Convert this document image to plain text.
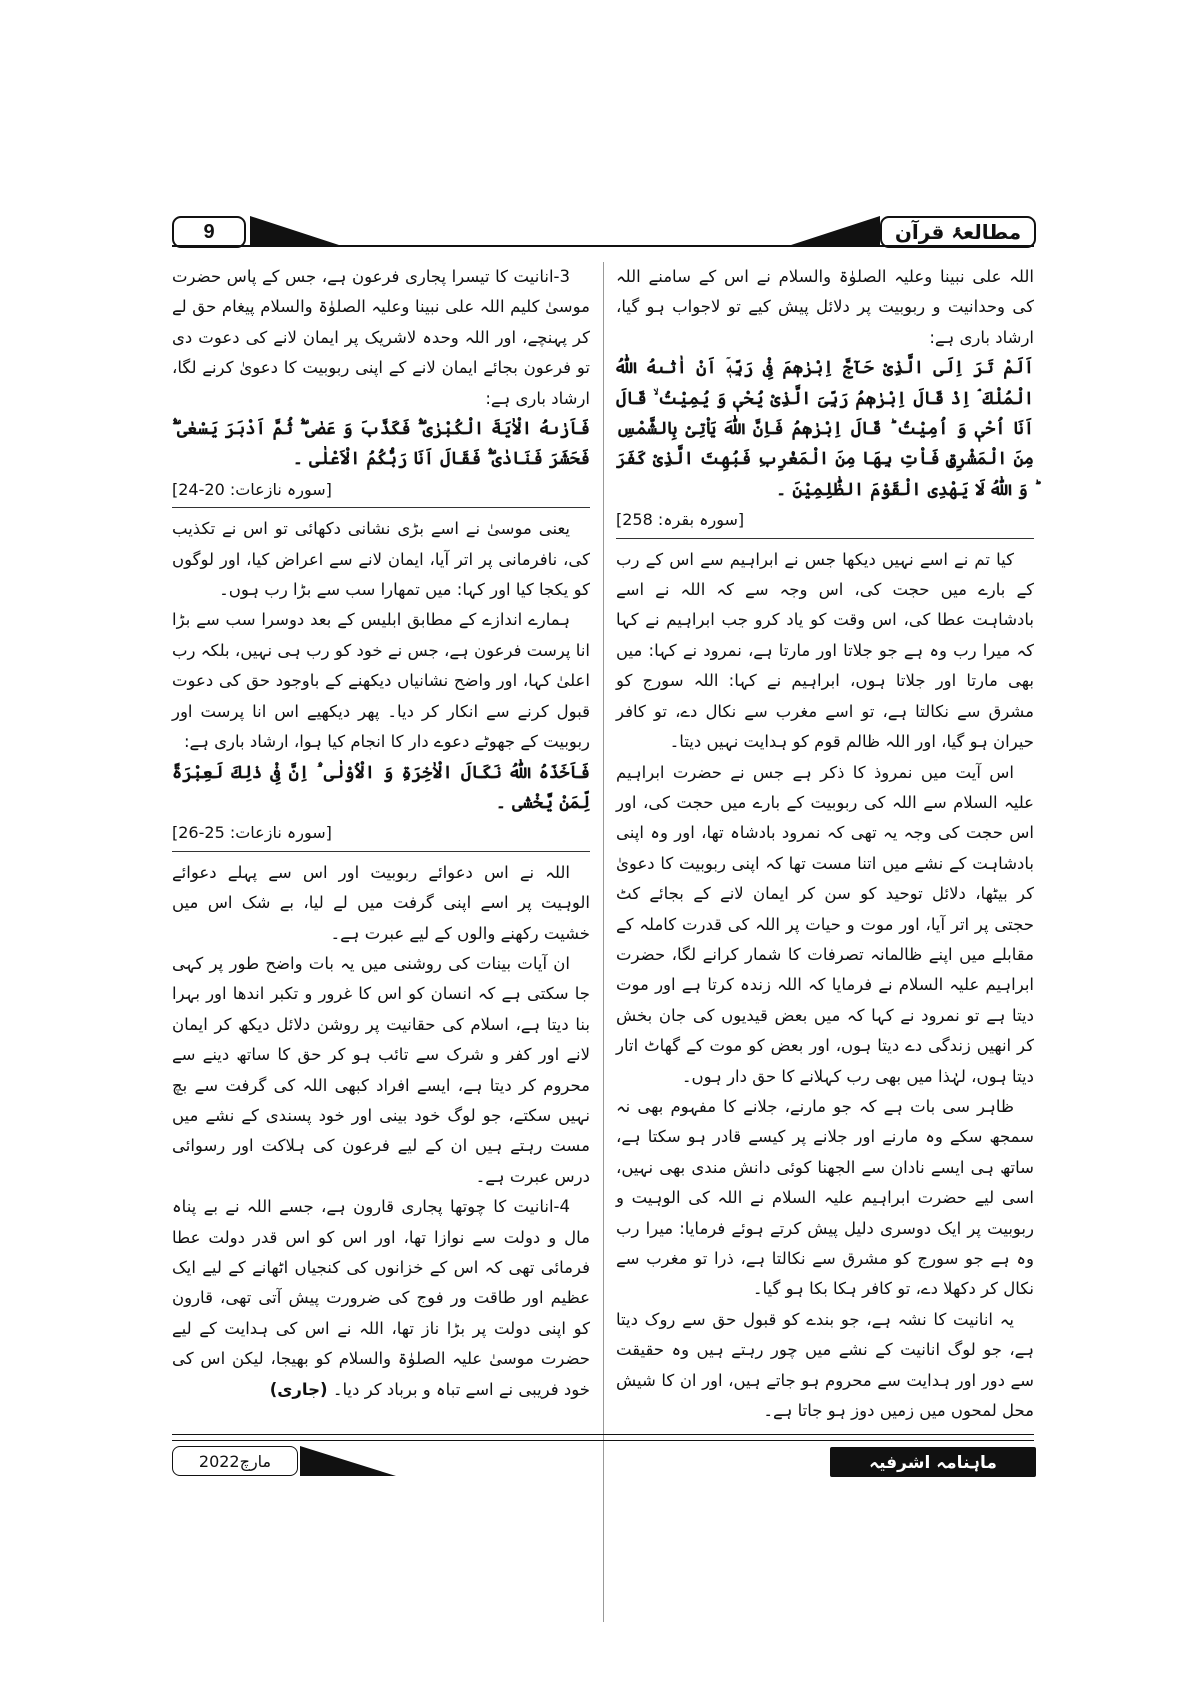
9	مطالعۂ قرآن

اللہ علی نبینا وعلیہ الصلوٰۃ والسلام نے اس کے سامنے اللہ کی وحدانیت و ربوبیت پر دلائل پیش کیے تو لاجواب ہو گیا، ارشاد باری ہے:

اَلَمْ تَرَ اِلَى الَّذِیْ حَآجَّ اِبْرٰهٖمَ فِیْ رَبِّهٖۤ اَنْ اٰتٰىهُ اللّٰهُ الْمُلْكَ ۘ اِذْ قَالَ اِبْرٰهٖمُ رَبِّیَ الَّذِیْ یُحْیٖ وَ یُمِیْتُ ۙ قَالَ اَنَا اُحْیٖ وَ اُمِیْتُ ؕ قَالَ اِبْرٰهٖمُ فَاِنَّ اللّٰهَ یَاْتِیْ بِالشَّمْسِ مِنَ الْمَشْرِقِ فَاْتِ بِهَا مِنَ الْمَغْرِبِ فَبُهِتَ الَّذِیْ كَفَرَ ؕ وَ اللّٰهُ لَا یَهْدِی الْقَوْمَ الظّٰلِمِیْنَ ۔

[سورہ بقرہ: 258]

کیا تم نے اسے نہیں دیکھا جس نے ابراہیم سے اس کے رب کے بارے میں حجت کی، اس وجہ سے کہ اللہ نے اسے بادشاہت عطا کی، اس وقت کو یاد کرو جب ابراہیم نے کہا کہ میرا رب وہ ہے جو جلاتا اور مارتا ہے، نمرود نے کہا: میں بھی مارتا اور جلاتا ہوں، ابراہیم نے کہا: اللہ سورج کو مشرق سے نکالتا ہے، تو اسے مغرب سے نکال دے، تو کافر حیران ہو گیا، اور اللہ ظالم قوم کو ہدایت نہیں دیتا۔

اس آیت میں نمروذ کا ذکر ہے جس نے حضرت ابراہیم علیہ السلام سے اللہ کی ربوبیت کے بارے میں حجت کی، اور اس حجت کی وجہ یہ تھی کہ نمرود بادشاہ تھا، اور وہ اپنی بادشاہت کے نشے میں اتنا مست تھا کہ اپنی ربوبیت کا دعویٰ کر بیٹھا، دلائل توحید کو سن کر ایمان لانے کے بجائے کٹ حجتی پر اتر آیا، اور موت و حیات پر اللہ کی قدرت کاملہ کے مقابلے میں اپنے ظالمانہ تصرفات کا شمار کرانے لگا، حضرت ابراہیم علیہ السلام نے فرمایا کہ اللہ زندہ کرتا ہے اور موت دیتا ہے تو نمرود نے کہا کہ میں بعض قیدیوں کی جان بخش کر انھیں زندگی دے دیتا ہوں، اور بعض کو موت کے گھاٹ اتار دیتا ہوں، لہٰذا میں بھی رب کہلانے کا حق دار ہوں۔

ظاہر سی بات ہے کہ جو مارنے، جلانے کا مفہوم بھی نہ سمجھ سکے وہ مارنے اور جلانے پر کیسے قادر ہو سکتا ہے، ساتھ ہی ایسے نادان سے الجھنا کوئی دانش مندی بھی نہیں، اسی لیے حضرت ابراہیم علیہ السلام نے اللہ کی الوہیت و ربوبیت پر ایک دوسری دلیل پیش کرتے ہوئے فرمایا: میرا رب وہ ہے جو سورج کو مشرق سے نکالتا ہے، ذرا تو مغرب سے نکال کر دکھلا دے، تو کافر ہکا بکا ہو گیا۔

یہ انانیت کا نشہ ہے، جو بندے کو قبول حق سے روک دیتا ہے، جو لوگ انانیت کے نشے میں چور رہتے ہیں وہ حقیقت سے دور اور ہدایت سے محروم ہو جاتے ہیں، اور ان کا شیش محل لمحوں میں زمیں دوز ہو جاتا ہے۔

3-انانیت کا تیسرا پجاری فرعون ہے، جس کے پاس حضرت موسیٰ کلیم اللہ علی نبینا وعلیہ الصلوٰۃ والسلام پیغام حق لے کر پہنچے، اور اللہ وحدہ لاشریک پر ایمان لانے کی دعوت دی تو فرعون بجائے ایمان لانے کے اپنی ربوبیت کا دعویٰ کرنے لگا، ارشاد باری ہے:

فَاَرٰىهُ الْاٰیَةَ الْكُبْرٰی ۫ۖ فَكَذَّبَ وَ عَصٰی ۫ۖ ثُمَّ اَدْبَرَ یَسْعٰی ۫ۖ فَحَشَرَ فَنَادٰی ۫ۖ فَقَالَ اَنَا رَبُّكُمُ الْاَعْلٰی ۔

[سورہ نازعات: 20-24]

یعنی موسیٰ نے اسے بڑی نشانی دکھائی تو اس نے تکذیب کی، نافرمانی پر اتر آیا، ایمان لانے سے اعراض کیا، اور لوگوں کو یکجا کیا اور کہا: میں تمھارا سب سے بڑا رب ہوں۔

ہمارے اندازے کے مطابق ابلیس کے بعد دوسرا سب سے بڑا انا پرست فرعون ہے، جس نے خود کو رب ہی نہیں، بلکہ رب اعلیٰ کہا، اور واضح نشانیاں دیکھنے کے باوجود حق کی دعوت قبول کرنے سے انکار کر دیا۔ پھر دیکھیے اس انا پرست اور ربوبیت کے جھوٹے دعوے دار کا انجام کیا ہوا، ارشاد باری ہے:

فَاَخَذَهُ اللّٰهُ نَكَالَ الْاٰخِرَةِ وَ الْاُوْلٰی ۫ؕ اِنَّ فِیْ ذٰلِكَ لَعِبْرَةً لِّمَنْ یَّخْشٰی ۔

[سورہ نازعات: 25-26]

اللہ نے اس دعوائے ربوبیت اور اس سے پہلے دعوائے الوہیت پر اسے اپنی گرفت میں لے لیا، بے شک اس میں خشیت رکھنے والوں کے لیے عبرت ہے۔

ان آیات بینات کی روشنی میں یہ بات واضح طور پر کہی جا سکتی ہے کہ انسان کو اس کا غرور و تکبر اندھا اور بہرا بنا دیتا ہے، اسلام کی حقانیت پر روشن دلائل دیکھ کر ایمان لانے اور کفر و شرک سے تائب ہو کر حق کا ساتھ دینے سے محروم کر دیتا ہے، ایسے افراد کبھی اللہ کی گرفت سے بچ نہیں سکتے، جو لوگ خود بینی اور خود پسندی کے نشے میں مست رہتے ہیں ان کے لیے فرعون کی ہلاکت اور رسوائی درس عبرت ہے۔

4-انانیت کا چوتھا پجاری قارون ہے، جسے اللہ نے بے پناہ مال و دولت سے نوازا تھا، اور اس کو اس قدر دولت عطا فرمائی تھی کہ اس کے خزانوں کی کنجیاں اٹھانے کے لیے ایک عظیم اور طاقت ور فوج کی ضرورت پیش آتی تھی، قارون کو اپنی دولت پر بڑا ناز تھا، اللہ نے اس کی ہدایت کے لیے حضرت موسیٰ علیہ الصلوٰۃ والسلام کو بھیجا، لیکن اس کی خود فریبی نے اسے تباہ و برباد کر دیا۔ (جاری)

مارچ2022	ماہنامہ اشرفیہ
